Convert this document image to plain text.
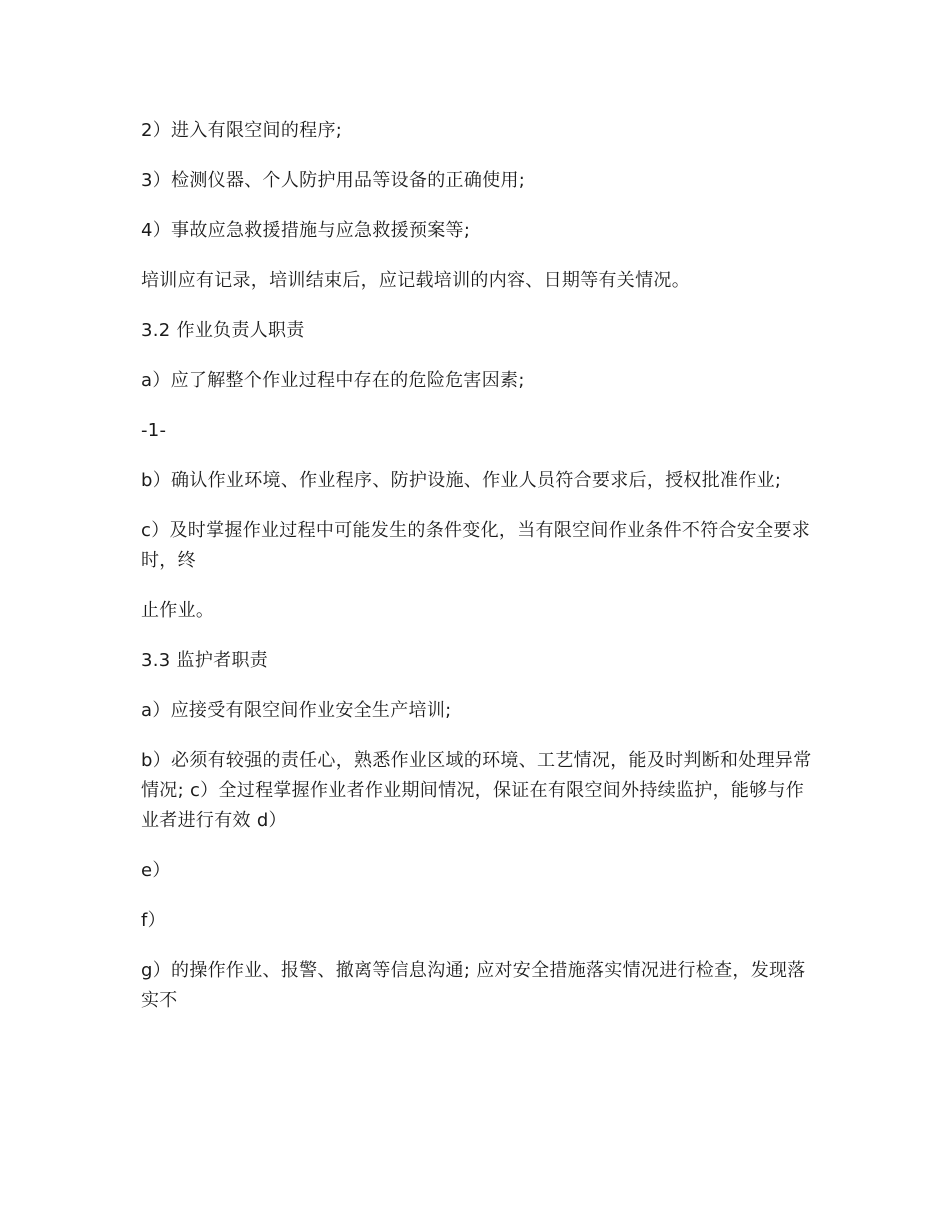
2）进入有限空间的程序;

3）检测仪器、个人防护用品等设备的正确使用;

4）事故应急救援措施与应急救援预案等;

培训应有记录，培训结束后，应记载培训的内容、日期等有关情况。

3.2 作业负责人职责

a）应了解整个作业过程中存在的危险危害因素;

-1-

b）确认作业环境、作业程序、防护设施、作业人员符合要求后，授权批准作业;

c）及时掌握作业过程中可能发生的条件变化，当有限空间作业条件不符合安全要求时，终

止作业。

3.3 监护者职责

a）应接受有限空间作业安全生产培训;

b）必须有较强的责任心，熟悉作业区域的环境、工艺情况，能及时判断和处理异常情况; c）全过程掌握作业者作业期间情况，保证在有限空间外持续监护，能够与作业者进行有效 d）

e）

f）

g）的操作作业、报警、撤离等信息沟通; 应对安全措施落实情况进行检查，发现落实不
